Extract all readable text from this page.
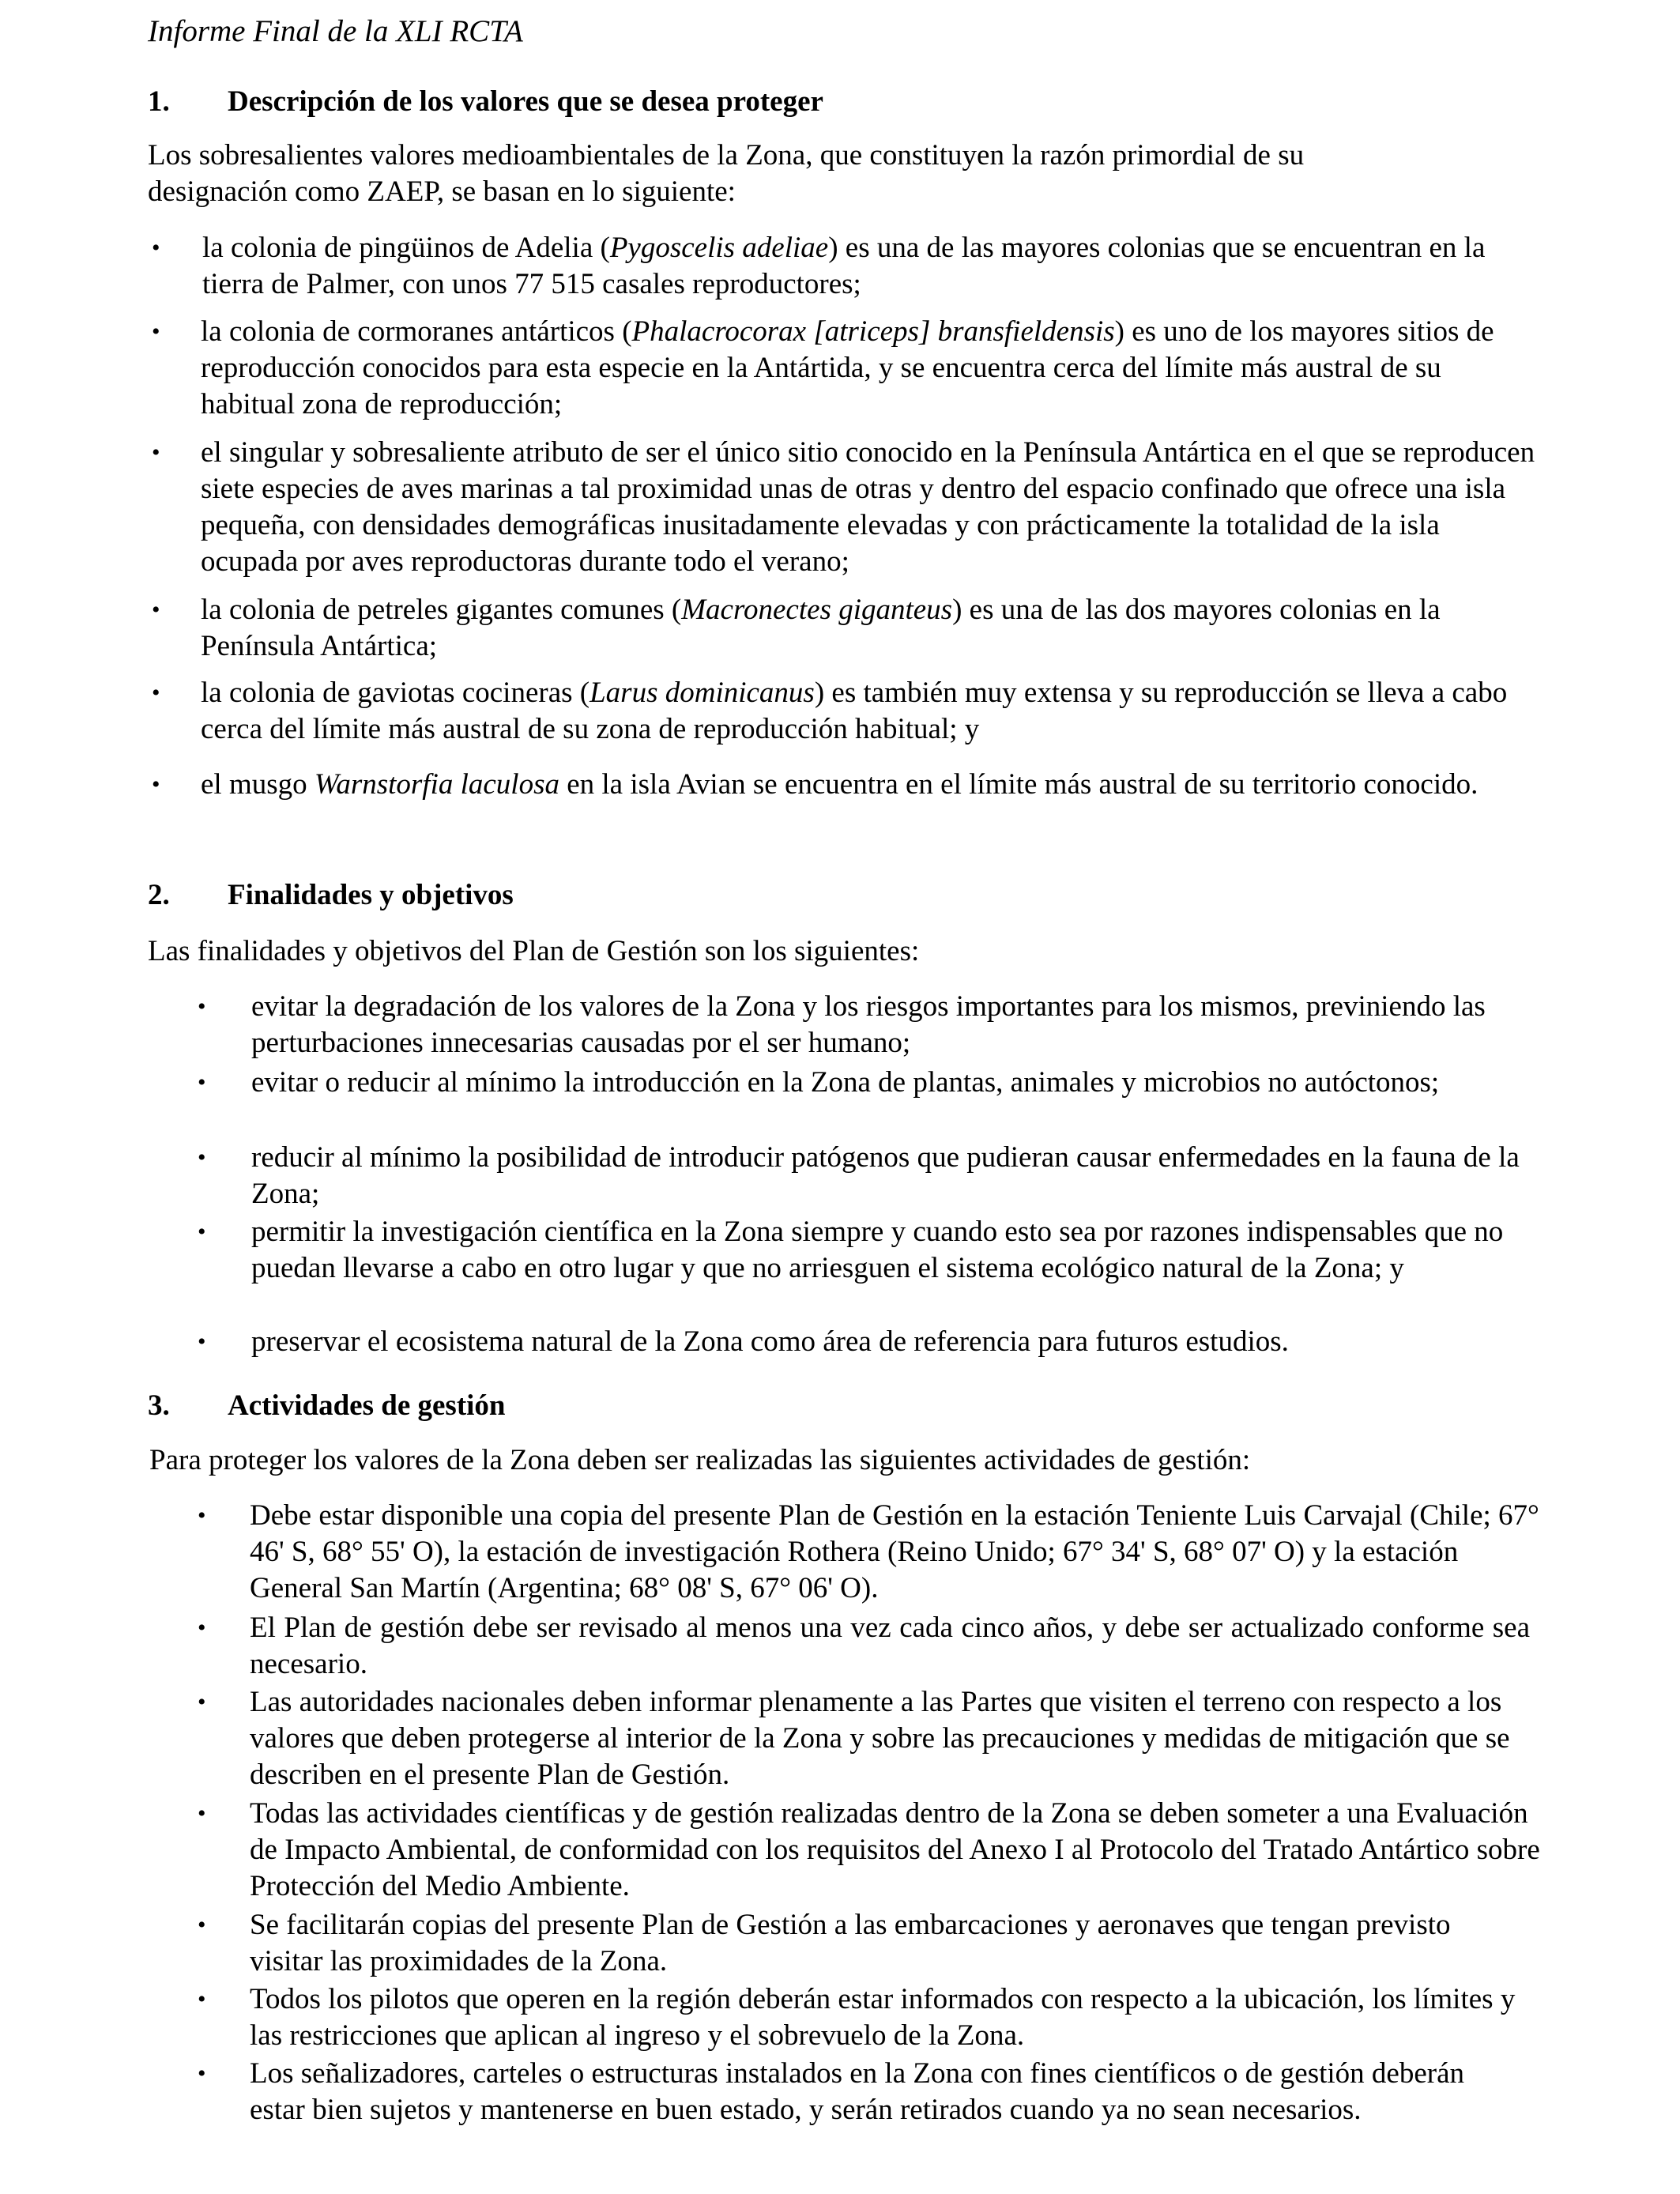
Informe Final de la XLI RCTA
1. Descripción de los valores que se desea proteger
Los sobresalientes valores medioambientales de la Zona, que constituyen la razón primordial de su designación como ZAEP, se basan en lo siguiente:
• la colonia de pingüinos de Adelia (Pygoscelis adeliae) es una de las mayores colonias que se encuentran en la tierra de Palmer, con unos 77 515 casales reproductores;
• la colonia de cormoranes antárticos (Phalacrocorax [atriceps] bransfieldensis) es uno de los mayores sitios de reproducción conocidos para esta especie en la Antártida, y se encuentra cerca del límite más austral de su habitual zona de reproducción;
• el singular y sobresaliente atributo de ser el único sitio conocido en la Península Antártica en el que se reproducen siete especies de aves marinas a tal proximidad unas de otras y dentro del espacio confinado que ofrece una isla pequeña, con densidades demográficas inusitadamente elevadas y con prácticamente la totalidad de la isla ocupada por aves reproductoras durante todo el verano;
• la colonia de petreles gigantes comunes (Macronectes giganteus) es una de las dos mayores colonias en la Península Antártica;
• la colonia de gaviotas cocineras (Larus dominicanus) es también muy extensa y su reproducción se lleva a cabo cerca del límite más austral de su zona de reproducción habitual; y
• el musgo Warnstorfia laculosa en la isla Avian se encuentra en el límite más austral de su territorio conocido.
2. Finalidades y objetivos
Las finalidades y objetivos del Plan de Gestión son los siguientes:
• evitar la degradación de los valores de la Zona y los riesgos importantes para los mismos, previniendo las perturbaciones innecesarias causadas por el ser humano;
• evitar o reducir al mínimo la introducción en la Zona de plantas, animales y microbios no autóctonos;
• reducir al mínimo la posibilidad de introducir patógenos que pudieran causar enfermedades en la fauna de la Zona;
• permitir la investigación científica en la Zona siempre y cuando esto sea por razones indispensables que no puedan llevarse a cabo en otro lugar y que no arriesguen el sistema ecológico natural de la Zona; y
• preservar el ecosistema natural de la Zona como área de referencia para futuros estudios.
3. Actividades de gestión
Para proteger los valores de la Zona deben ser realizadas las siguientes actividades de gestión:
• Debe estar disponible una copia del presente Plan de Gestión en la estación Teniente Luis Carvajal (Chile; 67° 46' S, 68° 55' O), la estación de investigación Rothera (Reino Unido; 67° 34' S, 68° 07' O) y la estación General San Martín (Argentina; 68° 08' S, 67° 06' O).
• El Plan de gestión debe ser revisado al menos una vez cada cinco años, y debe ser actualizado conforme sea necesario.
• Las autoridades nacionales deben informar plenamente a las Partes que visiten el terreno con respecto a los valores que deben protegerse al interior de la Zona y sobre las precauciones y medidas de mitigación que se describen en el presente Plan de Gestión.
• Todas las actividades científicas y de gestión realizadas dentro de la Zona se deben someter a una Evaluación de Impacto Ambiental, de conformidad con los requisitos del Anexo I al Protocolo del Tratado Antártico sobre Protección del Medio Ambiente.
• Se facilitarán copias del presente Plan de Gestión a las embarcaciones y aeronaves que tengan previsto visitar las proximidades de la Zona.
• Todos los pilotos que operen en la región deberán estar informados con respecto a la ubicación, los límites y las restricciones que aplican al ingreso y el sobrevuelo de la Zona.
• Los señalizadores, carteles o estructuras instalados en la Zona con fines científicos o de gestión deberán estar bien sujetos y mantenerse en buen estado, y serán retirados cuando ya no sean necesarios.
